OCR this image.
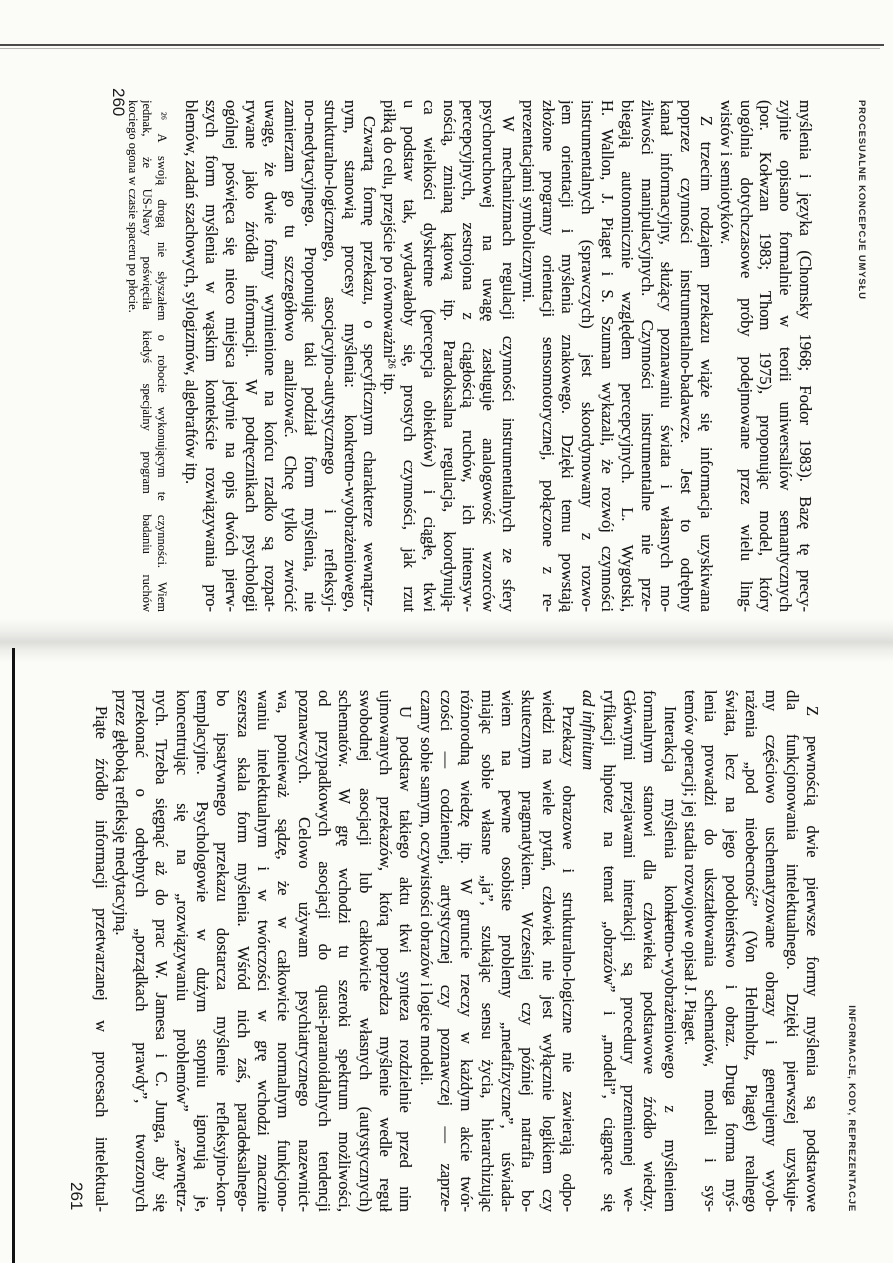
PROCESUALNE KONCEPCJE UMYSŁU
myślenia i języka (Chomsky 1968; Fodor 1983). Bazę tę precy-
zyjnie opisano formalnie w teorii uniwersaliów semantycznych
(por. Kołwzan 1983; Thom 1975), proponując model, który
uogólnia dotychczasowe próby podejmowane przez wielu ling-
wistów i semiotyków.
Z trzecim rodzajem przekazu wiąże się informacja uzyskiwana
poprzez czynności instrumentalno-badawcze. Jest to odrębny
kanał informacyjny, służący poznawaniu świata i własnych mo-
żliwości manipulacyjnych. Czynności instrumentalne nie prze-
biegają autonomicznie względem percepcyjnych. L. Wygotski,
H. Wallon, J. Piaget i S. Szuman wykazali, że rozwój czynności
instrumentalnych (sprawczych) jest skoordynowany z rozwo-
jem orientacji i myślenia znakowego. Dzięki temu powstają
złożone programy orientacji sensomotorycznej, połączone z re-
prezentacjami symbolicznymi.
W mechanizmach regulacji czynności instrumentalnych ze sfery
psychoruchowej na uwagę zasługuje analogowość wzorców
percepcyjnych, zestrojona z ciągłością ruchów, ich intensyw-
nością, zmianą kątową itp. Paradoksalna regulacja, koordynują-
ca wielkości dyskretne (percepcja obiektów) i ciągłe, tkwi
u podstaw tak, wydawałoby się, prostych czynności, jak rzut
piłką do celu, przejście po równoważni²⁶ itp.
Czwartą formę przekazu, o specyficznym charakterze wewnątrz-
nym, stanowią procesy myślenia: konkretno-wyobrażeniowego,
strukturalno-logicznego, asocjacyjno-autystycznego i refleksyj-
no-medytacyjnego. Proponując taki podział form myślenia, nie
zamierzam go tu szczegółowo analizować. Chcę tylko zwrócić
uwagę, że dwie formy wymienione na końcu rzadko są rozpat-
rywane jako źródła informacji. W podręcznikach psychologii
ogólnej poświęca się nieco miejsca jedynie na opis dwóch pierw-
szych form myślenia w wąskim kontekście rozwiązywania pro-
blemów, zadań szachowych, sylogizmów, algebraftów itp.
²⁶ A swoją drogą nie słyszałem o robocie wykonującym te czynności. Wiem
jednak, że US-Navy poświęciła kiedyś specjalny program badaniu ruchów
kociego ogona w czasie spaceru po płocie.
260
INFORMACJE, KODY, REPREZENTACJE
Z pewnością dwie pierwsze formy myślenia są podstawowe
dla funkcjonowania intelektualnego. Dzięki pierwszej uzyskuje-
my częściowo uschematyzowane obrazy i generujemy wyob-
rażenia „pod nieobecność” (Von Helmholtz, Piaget) realnego
świata, lecz na jego podobieństwo i obraz. Druga forma myś-
lenia prowadzi do ukształtowania schematów, modeli i sys-
temów operacji; jej stadia rozwojowe opisał J. Piaget.
Interakcja myślenia konkretno-wyobrażeniowego z myśleniem
formalnym stanowi dla człowieka podstawowe źródło wiedzy.
Głównymi przejawami interakcji są procedury przemiennej we-
ryfikacji hipotez na temat „obrazów” i „modeli”, ciągnące się
ad infinitum
Przekazy obrazowe i strukturalno-logiczne nie zawierają odpo-
wiedzi na wiele pytań, człowiek nie jest wyłącznie logikiem czy
skutecznym pragmatykiem. Wcześniej czy później natrafia bo-
wiem na pewne osobiste problemy „metafizyczne”, uświada-
miając sobie własne „ja”, szukając sensu życia, hierarchizując
różnorodną wiedzę itp. W gruncie rzeczy w każdym akcie twór-
czości — codziennej, artystycznej czy poznawczej — zaprze-
czamy sobie samym, oczywistości obrazów i logice modeli.
U podstaw takiego aktu tkwi synteza rozdzielnie przed nim
ujmowanych przekazów, którą poprzedza myślenie wedle reguł
swobodnej asocjacji lub całkowicie własnych (autystycznych)
schematów. W grę wchodzi tu szeroki spektrum możliwości,
od przypadkowych asocjacji do quasi-paranoidalnych tendencji
poznawczych. Celowo używam psychiatrycznego nazewnict-
wa, ponieważ sądzę, że w całkowicie normalnym funkcjono-
waniu intelektualnym i w twórczości w grę wchodzi znacznie
szersza skala form myślenia. Wśród nich zaś, paradoksalnego-
bo ipsatywnego przekazu dostarcza myślenie refleksyjno-kon-
templacyjne. Psychologowie w dużym stopniu ignorują je,
koncentrując się na „rozwiązywaniu problemów” „zewnętrz-
nych. Trzeba sięgnąć aż do prac W. Jamesa i C. Junga, aby się
przekonać o odrębnych „porządkach prawdy”, tworzonych
przez głęboką refleksję medytacyjną.
Piąte źródło informacji przetwarzanej w procesach intelektual-
261
